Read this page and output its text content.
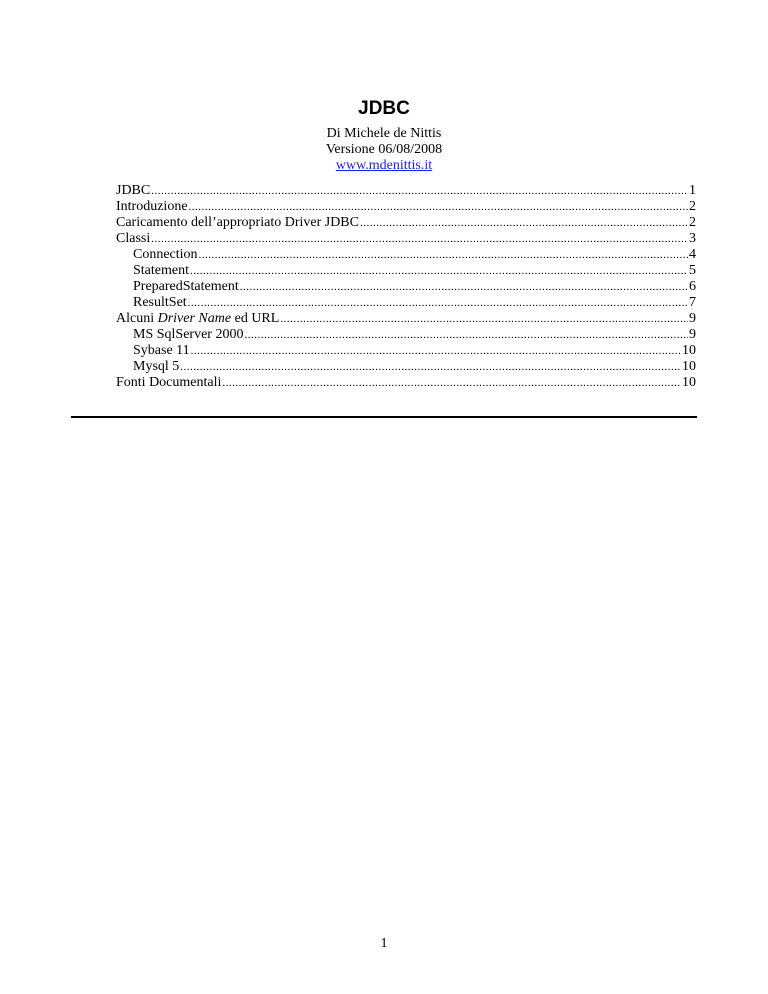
JDBC
Di Michele de Nittis
Versione 06/08/2008
www.mdenittis.it
JDBC .....	1
Introduzione .....	2
Caricamento dell’appropriato Driver JDBC .....	2
Classi .....	3
Connection .....	4
Statement .....	5
PreparedStatement .....	6
ResultSet .....	7
Alcuni Driver Name ed URL .....	9
MS SqlServer 2000 .....	9
Sybase 11 .....	10
Mysql 5 .....	10
Fonti Documentali .....	10
1
